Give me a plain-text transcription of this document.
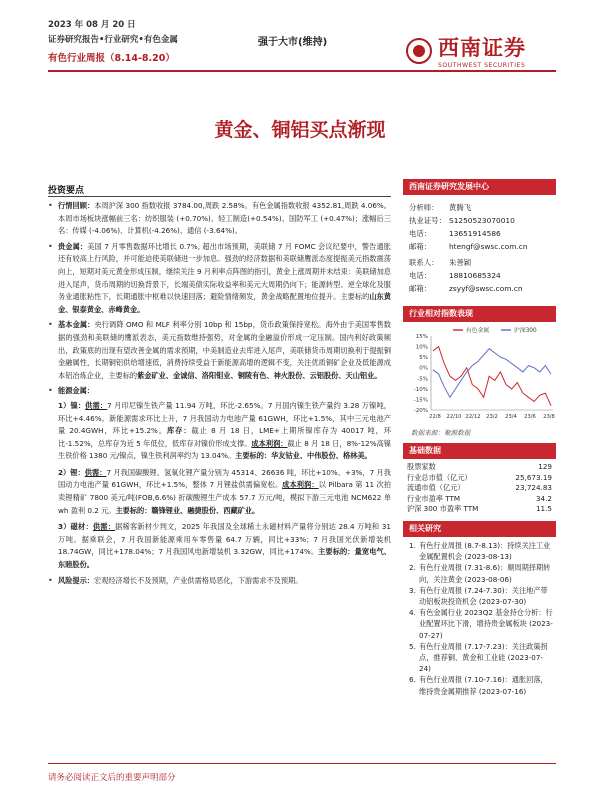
2023 年 08 月 20 日
证券研究报告•行业研究•有色金属
有色行业周报（8.14-8.20）
强于大市(维持)	西南证券
SOUTHWEST SECURITIES
黄金、铜铝买点渐现
投资要点
• 行情回顾：本周沪深 300 指数收报 3784.00,周跌 2.58%。有色金属指数收报 4352.81,周跌 4.06%。本周市场板块涨幅前三名：纺织服装 (+0.70%)、轻工制造(+0.54%)、国防军工 (+0.47%)；涨幅后三名：传媒 (-4.06%)、计算机(-4.26%)、通信 (-3.64%)。
• 贵金属：美国 7 月零售数据环比增长 0.7%, 超出市场预期，美联储 7 月 FOMC 会议纪要中，警告通胀还有较高上行风险，并可能迫使美联储进一步加息。强劲的经济数据和美联储鹰派态度提振美元指数震荡向上，短期对美元黄金形成压制，继续关注 9 月利率点阵图的指引，黄金上涨周期并未结束：美联储加息进入尾声，货币周期的切换背景下，长端美债实际收益率和美元大周期仍向下；能源转型、逆全球化及服务业通胀粘性下，长期通胀中枢难以快速回落；避险情绪频发，黄金战略配置地位提升。主要标的山东黄金、银泰黄金、赤峰黄金。
• 基本金属：央行调降 OMO 和 MLF 利率分别 10bp 和 15bp，货币政策保持宽松。海外由于美国零售数据的强劲和美联储的鹰派表态，美元指数维持强势，对金属的金融溢价形成一定压制。国内利好政策频出，政策底的出现有望改善金属的需求预期，中美制造业去库进入尾声，美联储货币周期切换利于提振铜金融属性，长期铜铝供给增速低，消费持续受益于新能源高增的逻辑不变，关注优质铜矿企业及低能源成本铝冶炼企业，主要标的紫金矿业、金诚信、洛阳钼业、铜陵有色、神火股份、云铝股份、天山铝业。
• 能源金属：
1）镍：供需：7 月印尼镍生铁产量 11.94 万吨，环比-2.65%。7 月国内镍生铁产量约 3.28 万镍吨，环比+4.46%。新能源需求环比上升，7 月我国动力电池产量 61GWH，环比+1.5%，其中三元电池产量 20.4GWH，环比+15.2%。库存：截止 8 月 18 日，LME+上期所镍库存为 40017 吨，环比-1.52%，总库存为近 5 年低位，低库存对镍价形成支撑。成本利润：截止 8 月 18 日，8%-12%高镍生铁价格 1380 元/镍点，镍生铁利润率约为 13.04%。主要标的：华友钴业、中伟股份、格林美。
2）锂：供需：7 月我国碳酸锂、氢氧化锂产量分别为 45314、26636 吨，环比+10%、+3%，7 月我国动力电池产量 61GWH，环比+1.5%，整体 7 月锂盐供需偏宽松。成本利润：以 Pilbara 第 11 次拍卖锂精矿 7800 美元/吨(FOB,6.6%) 折碳酸锂生产成本 57.7 万元/吨，模拟下游三元电池 NCM622 单 wh 盈利 0.2 元。主要标的：赣锋锂业、融捷股份、西藏矿业。
3）磁材：供需：据稀客新材少判文，2025 年我国及全球稀土永磁材料产量将分别达 28.4 万吨和 31 万吨。据乘联会，7 月我国新能源乘用车零售量 64.7 万辆，同比+33%；7 月我国光伏新增装机 18.74GW，同比+178.04%；7 月我国风电新增装机 3.32GW，同比+174%。主要标的：量宽电气、东睦股份。
• 风险提示：宏观经济增长不及预期，产业供需格局恶化，下游需求不及预期。
西南证券研究发展中心
分析师： 黄腾飞
执业证号： S1250523070010
电话： 13651914586
邮箱： htengf@swsc.com.cn
联系人： 朱善颖
电话： 18810685324
邮箱： zsyyf@swsc.com.cn
行业相对指数表现
15%
10%
5%
0%
-5%
-10%
-15%
-20%
22/8 22/10 22/12 23/2 23/4 23/6 23/8
有色金属	沪深300
数据来源：聚源数据
基础数据
股票家数	129
行业总市值（亿元）	25,673.19
流通市值（亿元）	23,724.83
行业市盈率 TTM	34.2
沪深 300 市盈率 TTM	11.5
相关研究
1. 有色行业周报 (8.7-8.13)：持续关注工业金属配置机会 (2023-08-13)
2. 有色行业周报 (7.31-8.6)：顺周期择期转向，关注黄金 (2023-08-06)
3. 有色行业周报 (7.24-7.30)：关注地产带动铝板块投资机会 (2023-07-30)
4. 有色金属行业 2023Q2 基金持仓分析：行业配置环比下滑，增持贵金属板块 (2023-07-27)
5. 有色行业周报 (7.17-7.23)：关注政策拐点，推荐铜、黄金和工业硅 (2023-07-24)
6. 有色行业周报 (7.10-7.16)：通胀回落，维持贵金属期推荐 (2023-07-16)
请务必阅读正文后的重要声明部分
